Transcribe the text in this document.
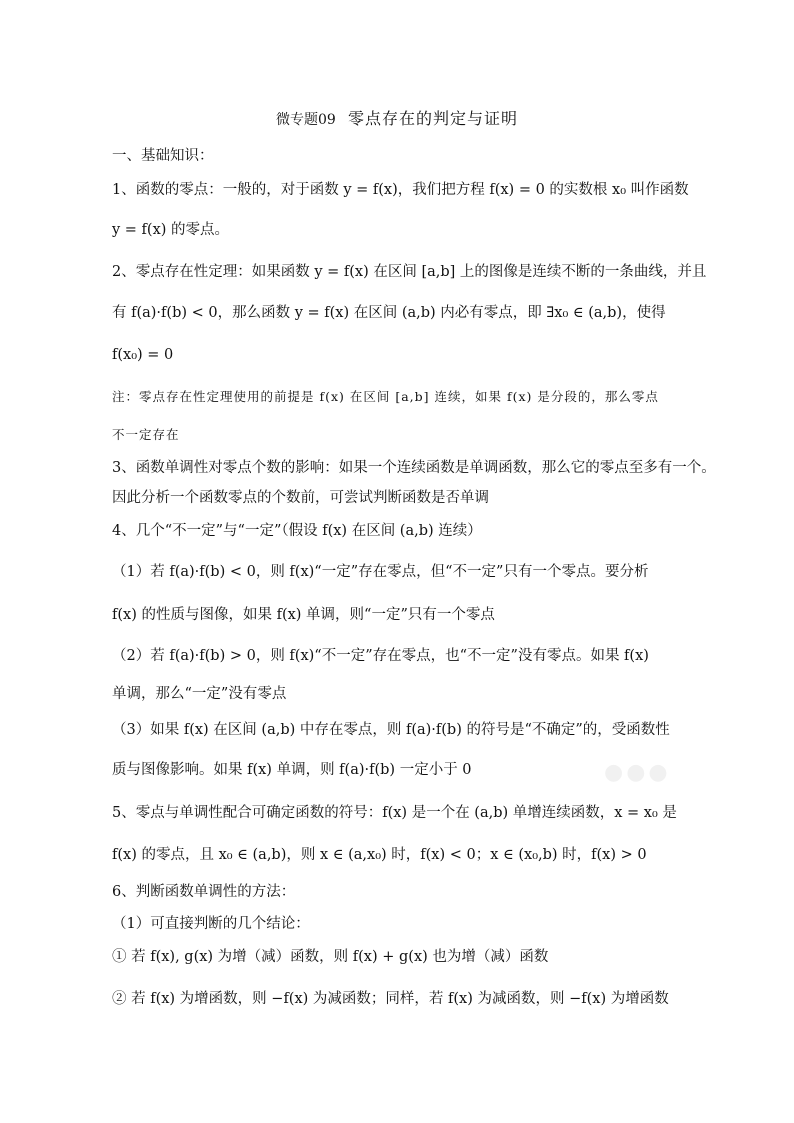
微专题09 零点存在的判定与证明
一、基础知识：
1、函数的零点：一般的，对于函数 y = f(x)，我们把方程 f(x) = 0 的实数根 x₀ 叫作函数
y = f(x) 的零点。
2、零点存在性定理：如果函数 y = f(x) 在区间 [a,b] 上的图像是连续不断的一条曲线，并且
有 f(a)·f(b) < 0，那么函数 y = f(x) 在区间 (a,b) 内必有零点，即 ∃x₀ ∈ (a,b)，使得
f(x₀) = 0
注：零点存在性定理使用的前提是 f(x) 在区间 [a,b] 连续，如果 f(x) 是分段的，那么零点
不一定存在
3、函数单调性对零点个数的影响：如果一个连续函数是单调函数，那么它的零点至多有一个。
因此分析一个函数零点的个数前，可尝试判断函数是否单调
4、几个“不一定”与“一定”（假设 f(x) 在区间 (a,b) 连续）
（1）若 f(a)·f(b) < 0，则 f(x)“一定”存在零点，但“不一定”只有一个零点。要分析
f(x) 的性质与图像，如果 f(x) 单调，则“一定”只有一个零点
（2）若 f(a)·f(b) > 0，则 f(x)“不一定”存在零点，也“不一定”没有零点。如果 f(x)
单调，那么“一定”没有零点
（3）如果 f(x) 在区间 (a,b) 中存在零点，则 f(a)·f(b) 的符号是“不确定”的，受函数性
质与图像影响。如果 f(x) 单调，则 f(a)·f(b) 一定小于 0
5、零点与单调性配合可确定函数的符号：f(x) 是一个在 (a,b) 单增连续函数，x = x₀ 是
f(x) 的零点，且 x₀ ∈ (a,b)，则 x ∈ (a,x₀) 时，f(x) < 0；x ∈ (x₀,b) 时，f(x) > 0
6、判断函数单调性的方法：
（1）可直接判断的几个结论：
① 若 f(x), g(x) 为增（减）函数，则 f(x) + g(x) 也为增（减）函数
② 若 f(x) 为增函数，则 −f(x) 为减函数；同样，若 f(x) 为减函数，则 −f(x) 为增函数
●●●
